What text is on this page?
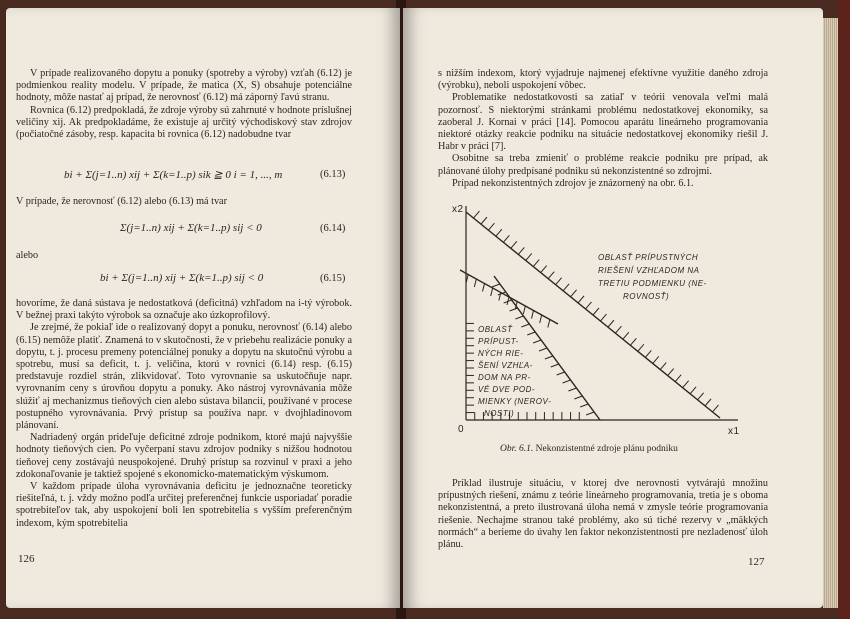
V prípade realizovaného dopytu a ponuky (spotreby a výroby) vzťah (6.12) je podmienkou reality modelu. V prípade, že matica (X, S) obsahuje potenciálne hodnoty, môže nastať aj prípad, že nerovnosť (6.12) má záporný ľavú stranu.

Rovnica (6.12) predpokladá, že zdroje výroby sú zahrnuté v hodnote príslušnej veličiny xij. Ak predpokladáme, že existuje aj určitý východiskový stav zdrojov (počiatočné zásoby, resp. kapacita bi rovnica (6.12) nadobudne tvar

bi + Σ(j=1..n) xij + Σ(k=1..p) sik ≧ 0 i = 1, ..., m	(6.13)

V prípade, že nerovnosť (6.12) alebo (6.13) má tvar

Σ(j=1..n) xij + Σ(k=1..p) sij < 0	(6.14)

alebo

bi + Σ(j=1..n) xij + Σ(k=1..p) sij < 0	(6.15)

hovoríme, že daná sústava je nedostatková (deficitná) vzhľadom na i-tý výrobok. V bežnej praxi takýto výrobok sa označuje ako úzkoprofilový.

Je zrejmé, že pokiaľ ide o realizovaný dopyt a ponuku, nerovnosť (6.14) alebo (6.15) nemôže platiť. Znamená to v skutočnosti, že v priebehu realizácie ponuky a dopytu, t. j. procesu premeny potenciálnej ponuky a dopytu na skutočnú výrobu a spotrebu, musí sa deficit, t. j. veličina, ktorú v rovnici (6.14) resp. (6.15) predstavuje rozdiel strán, zlikvidovať. Toto vyrovnanie sa uskutočňuje napr. vyrovnaním ceny s úrovňou dopytu a ponuky. Ako nástroj vyrovnávania môže slúžiť aj mechanizmus tieňových cien alebo sústava bilancií, používané v procese postupného vyrovnávania. Prvý prístup sa používa napr. v dvojhladinovom plánovaní.

Nadriadený orgán prideľuje deficitné zdroje podnikom, ktoré majú najvyššie hodnoty tieňových cien. Po vyčerpaní stavu zdrojov podniky s nižšou hodnotou tieňovej ceny zostávajú neuspokojené. Druhý prístup sa rozvinul v praxi a jeho zdokonaľovanie je taktiež spojené s ekonomicko-matematickým výskumom.

V každom prípade úloha vyrovnávania deficitu je jednoznačne teoreticky riešiteľná, t. j. vždy možno podľa určitej preferenčnej funkcie usporiadať poradie spotrebiteľov tak, aby uspokojení boli len spotrebitelia s vyšším preferenčným indexom, kým spotrebitelia

126

s nižším indexom, ktorý vyjadruje najmenej efektívne využitie daného zdroja (výrobku), neboli uspokojení vôbec.

Problematike nedostatkovosti sa zatiaľ v teórii venovala veľmi malá pozornosť. S niektorými stránkami problému nedostatkovej ekonomiky, sa zaoberal J. Kornai v práci [14]. Pomocou aparátu lineárneho programovania niektoré otázky reakcie podniku na situácie nedostatkovej ekonomiky riešil J. Habr v práci [7].

Osobitne sa treba zmieniť o probléme reakcie podniku pre prípad, ak plánované úlohy predpísané podniku sú nekonzistentné so zdrojmi.

Prípad nekonzistentných zdrojov je znázornený na obr. 6.1.

x2
x1
0
OBLASŤ PRÍPUSTNÝCH
RIEŠENÍ VZHĽADOM NA
TRETIU PODMIENKU (NE-
ROVNOSŤ)
OBLASŤ
PRÍPUST-
NÝCH RIE-
ŠENÍ VZHĽA-
DOM NA PR-
VÉ DVE POD-
MIENKY (NEROV-
NOSTI)
Obr. 6.1. Nekonzistentné zdroje plánu podniku

Príklad ilustruje situáciu, v ktorej dve nerovnosti vytvárajú množinu prípustných riešení, známu z teórie lineárneho programovania, tretia je s oboma nekonzistentná, a preto ilustrovaná úloha nemá v zmysle teórie programovania riešenie. Nechajme stranou také problémy, ako sú tiché rezervy v „mäkkých normách“ a berieme do úvahy len faktor nekonzistentnosti pre nezladenosť úloh plánu.

127
